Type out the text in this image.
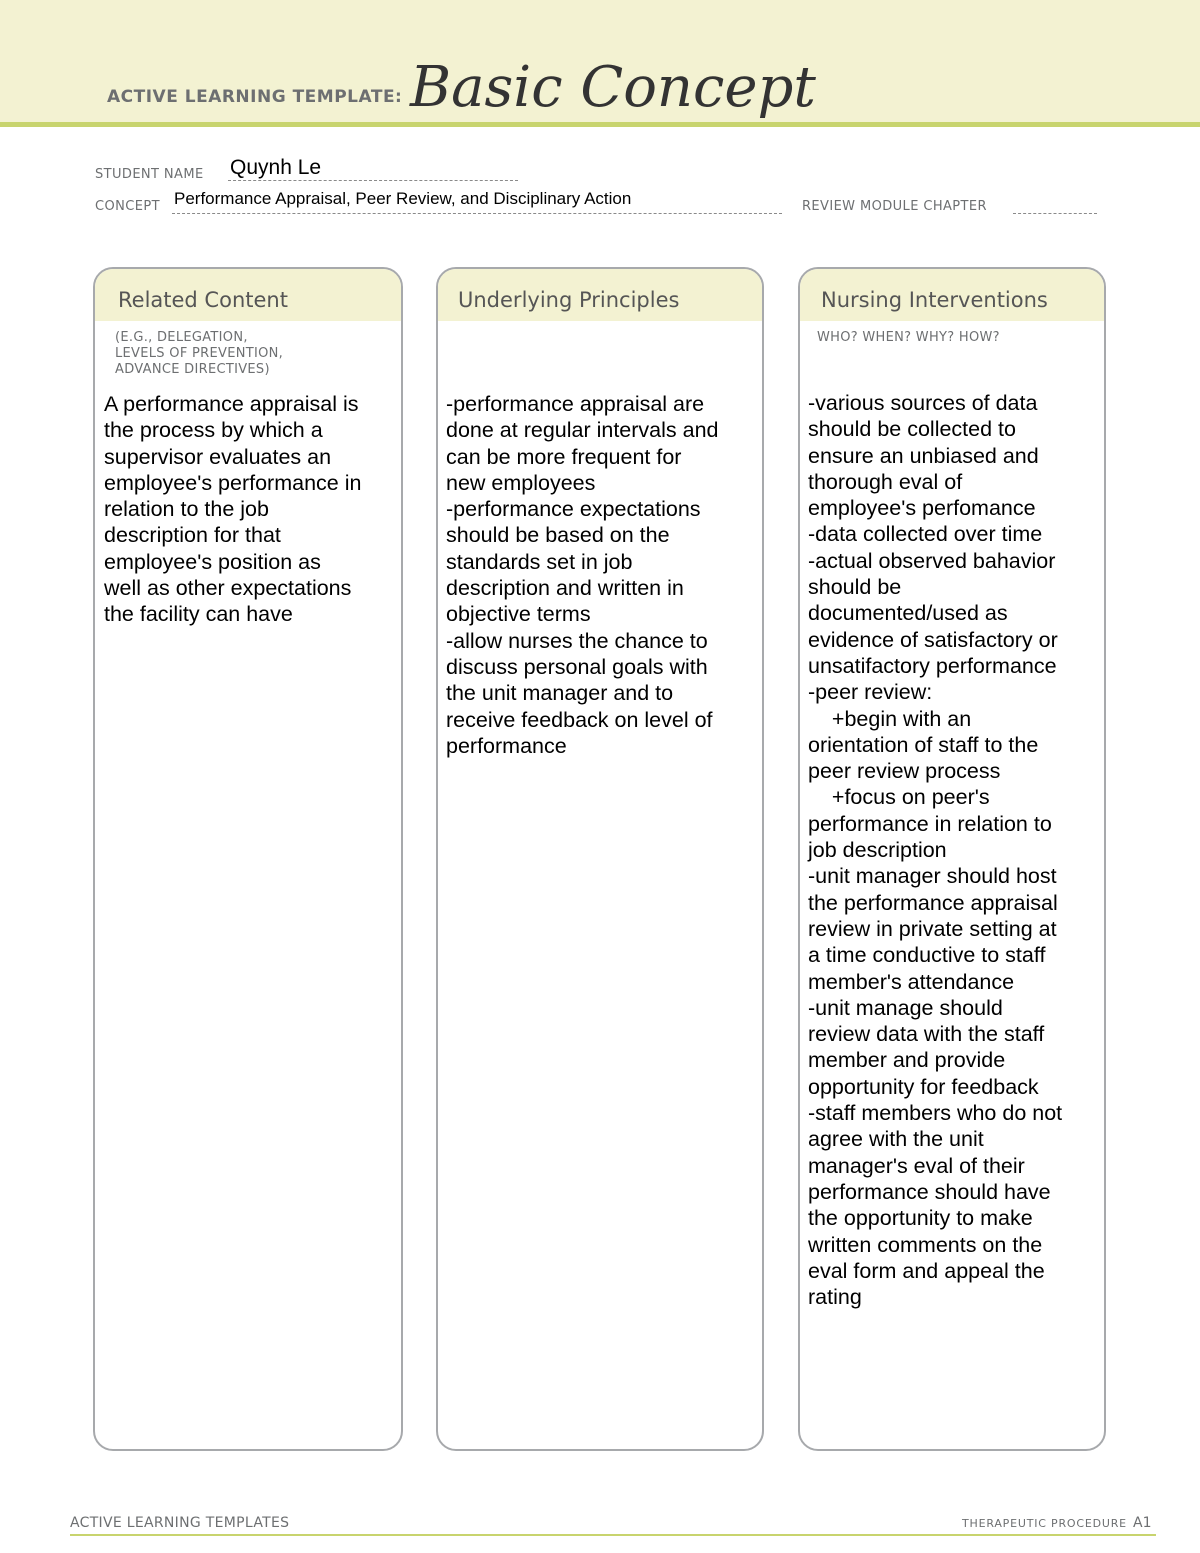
ACTIVE LEARNING TEMPLATE: Basic Concept
STUDENT NAME Quynh Le
CONCEPT Performance Appraisal, Peer Review, and Disciplinary Action	REVIEW MODULE CHAPTER
Related Content
(E.G., DELEGATION,
LEVELS OF PREVENTION,
ADVANCE DIRECTIVES)
A performance appraisal is
the process by which a
supervisor evaluates an
employee's performance in
relation to the job
description for that
employee's position as
well as other expectations
the facility can have
Underlying Principles
-performance appraisal are
done at regular intervals and
can be more frequent for
new employees
-performance expectations
should be based on the
standards set in job
description and written in
objective terms
-allow nurses the chance to
discuss personal goals with
the unit manager and to
receive feedback on level of
performance
Nursing Interventions
WHO? WHEN? WHY? HOW?
-various sources of data
should be collected to
ensure an unbiased and
thorough eval of
employee's perfomance
-data collected over time
-actual observed bahavior
should be
documented/used as
evidence of satisfactory or
unsatifactory performance
-peer review:
+begin with an
orientation of staff to the
peer review process
+focus on peer's
performance in relation to
job description
-unit manager should host
the performance appraisal
review in private setting at
a time conductive to staff
member's attendance
-unit manage should
review data with the staff
member and provide
opportunity for feedback
-staff members who do not
agree with the unit
manager's eval of their
performance should have
the opportunity to make
written comments on the
eval form and appeal the
rating
ACTIVE LEARNING TEMPLATES	THERAPEUTIC PROCEDURE A1
